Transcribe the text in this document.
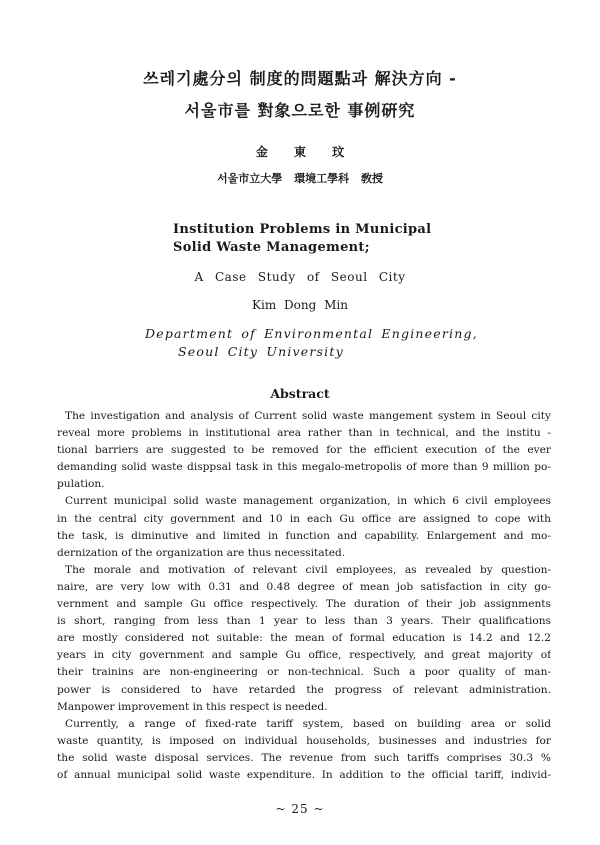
쓰레기處分의 制度的問題點과 解決方向 -
서울市를 對象으로한 事例硏究
金 東 玟
서울市立大學 環境工學科 敎授
Institution Problems in Municipal
Solid Waste Management;
A Case Study of Seoul City
Kim Dong Min
Department of Environmental Engineering,
Seoul City University
Abstract
The investigation and analysis of Current solid waste mangement system in Seoul city
reveal more problems in institutional area rather than in technical, and the institu -
tional barriers are suggested to be removed for the efficient execution of the ever
demanding solid waste disppsal task in this megalo-metropolis of more than 9 million po-
pulation.
Current municipal solid waste management organization, in which 6 civil employees
in the central city government and 10 in each Gu office are assigned to cope with
the task, is diminutive and limited in function and capability. Enlargement and mo-
dernization of the organization are thus necessitated.
The morale and motivation of relevant civil employees, as revealed by question-
naire, are very low with 0.31 and 0.48 degree of mean job satisfaction in city go-
vernment and sample Gu office respectively. The duration of their job assignments
is short, ranging from less than 1 year to less than 3 years. Their qualifications
are mostly considered not suitable: the mean of formal education is 14.2 and 12.2
years in city government and sample Gu office, respectively, and great majority of
their trainins are non-engineering or non-technical. Such a poor quality of man-
power is considered to have retarded the progress of relevant administration.
Manpower improvement in this respect is needed.
Currently, a range of fixed-rate tariff system, based on building area or solid
waste quantity, is imposed on individual households, businesses and industries for
the solid waste disposal services. The revenue from such tariffs comprises 30.3 %
of annual municipal solid waste expenditure. In addition to the official tariff, individ-
~ 25 ~
